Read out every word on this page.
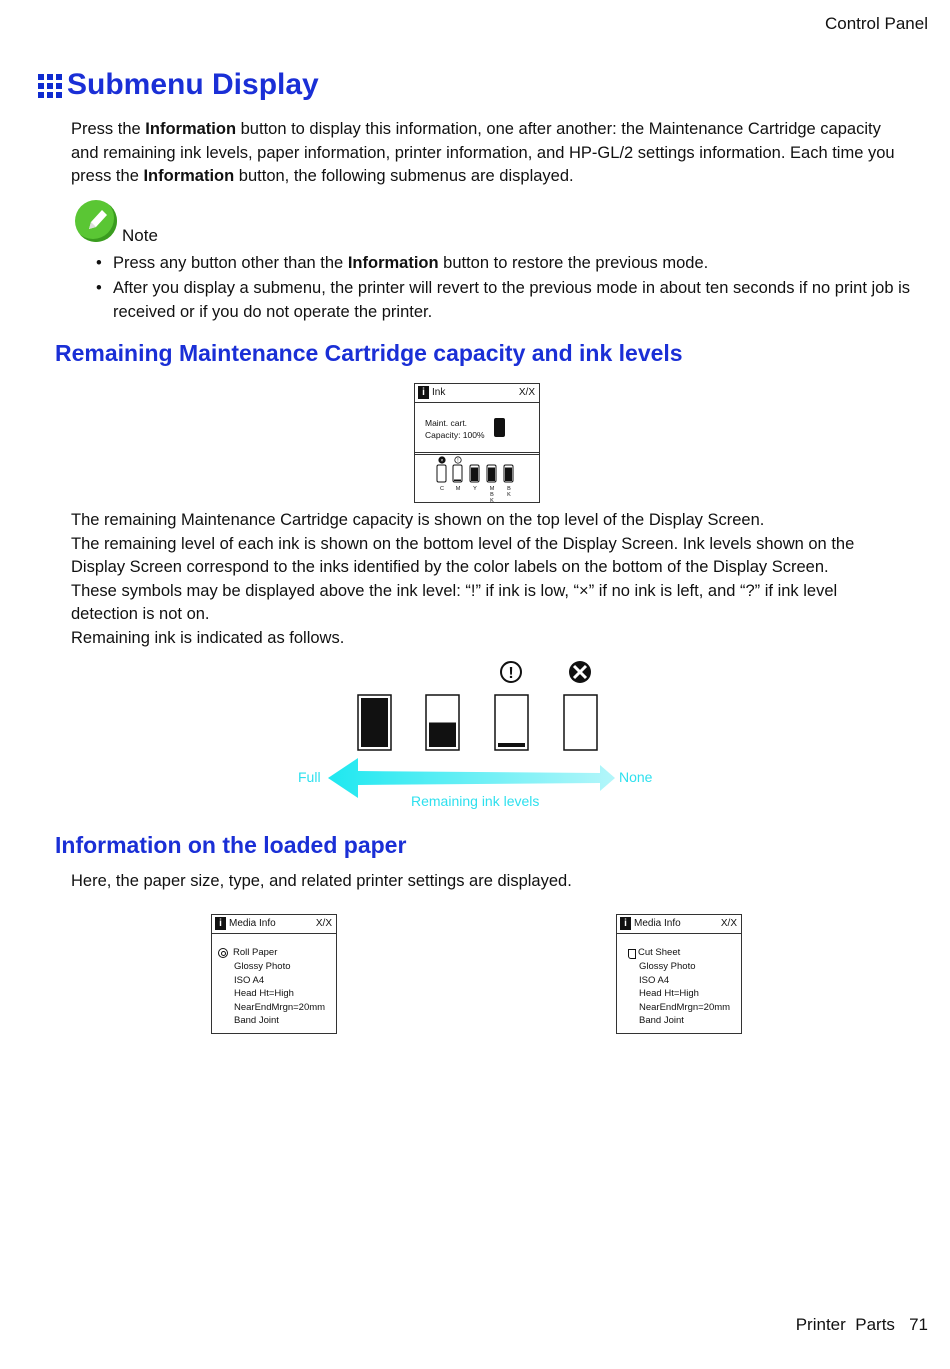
Control Panel
Printer  Parts   71
Submenu Display
Press the Information button to display this information, one after another: the Maintenance Cartridge capacity and remaining ink levels, paper information, printer information, and HP-GL/2 settings information. Each time you press the Information button, the following submenus are displayed.
Note
• Press any button other than the Information button to restore the previous mode.
• After you display a submenu, the printer will revert to the previous mode in about ten seconds if no print job is received or if you do not operate the printer.
Remaining Maintenance Cartridge capacity and ink levels
i Ink	X/X
Maint. cart.
Capacity: 100%
×
C
!
M Y M
B
K
B
K
The remaining Maintenance Cartridge capacity is shown on the top level of the Display Screen.
The remaining level of each ink is shown on the bottom level of the Display Screen. Ink levels shown on the Display Screen correspond to the inks identified by the color labels on the bottom of the Display Screen.
These symbols may be displayed above the ink level: “!” if ink is low, “×” if no ink is left, and “?” if ink level detection is not on.
Remaining ink is indicated as follows.
!
Full	None
Remaining ink levels
Information on the loaded paper
Here, the paper size, type, and related printer settings are displayed.
i Media Info	X/X
Roll Paper
Glossy Photo
ISO A4
Head Ht=High
NearEndMrgn=20mm
Band Joint
i Media Info	X/X
Cut Sheet
Glossy Photo
ISO A4
Head Ht=High
NearEndMrgn=20mm
Band Joint
